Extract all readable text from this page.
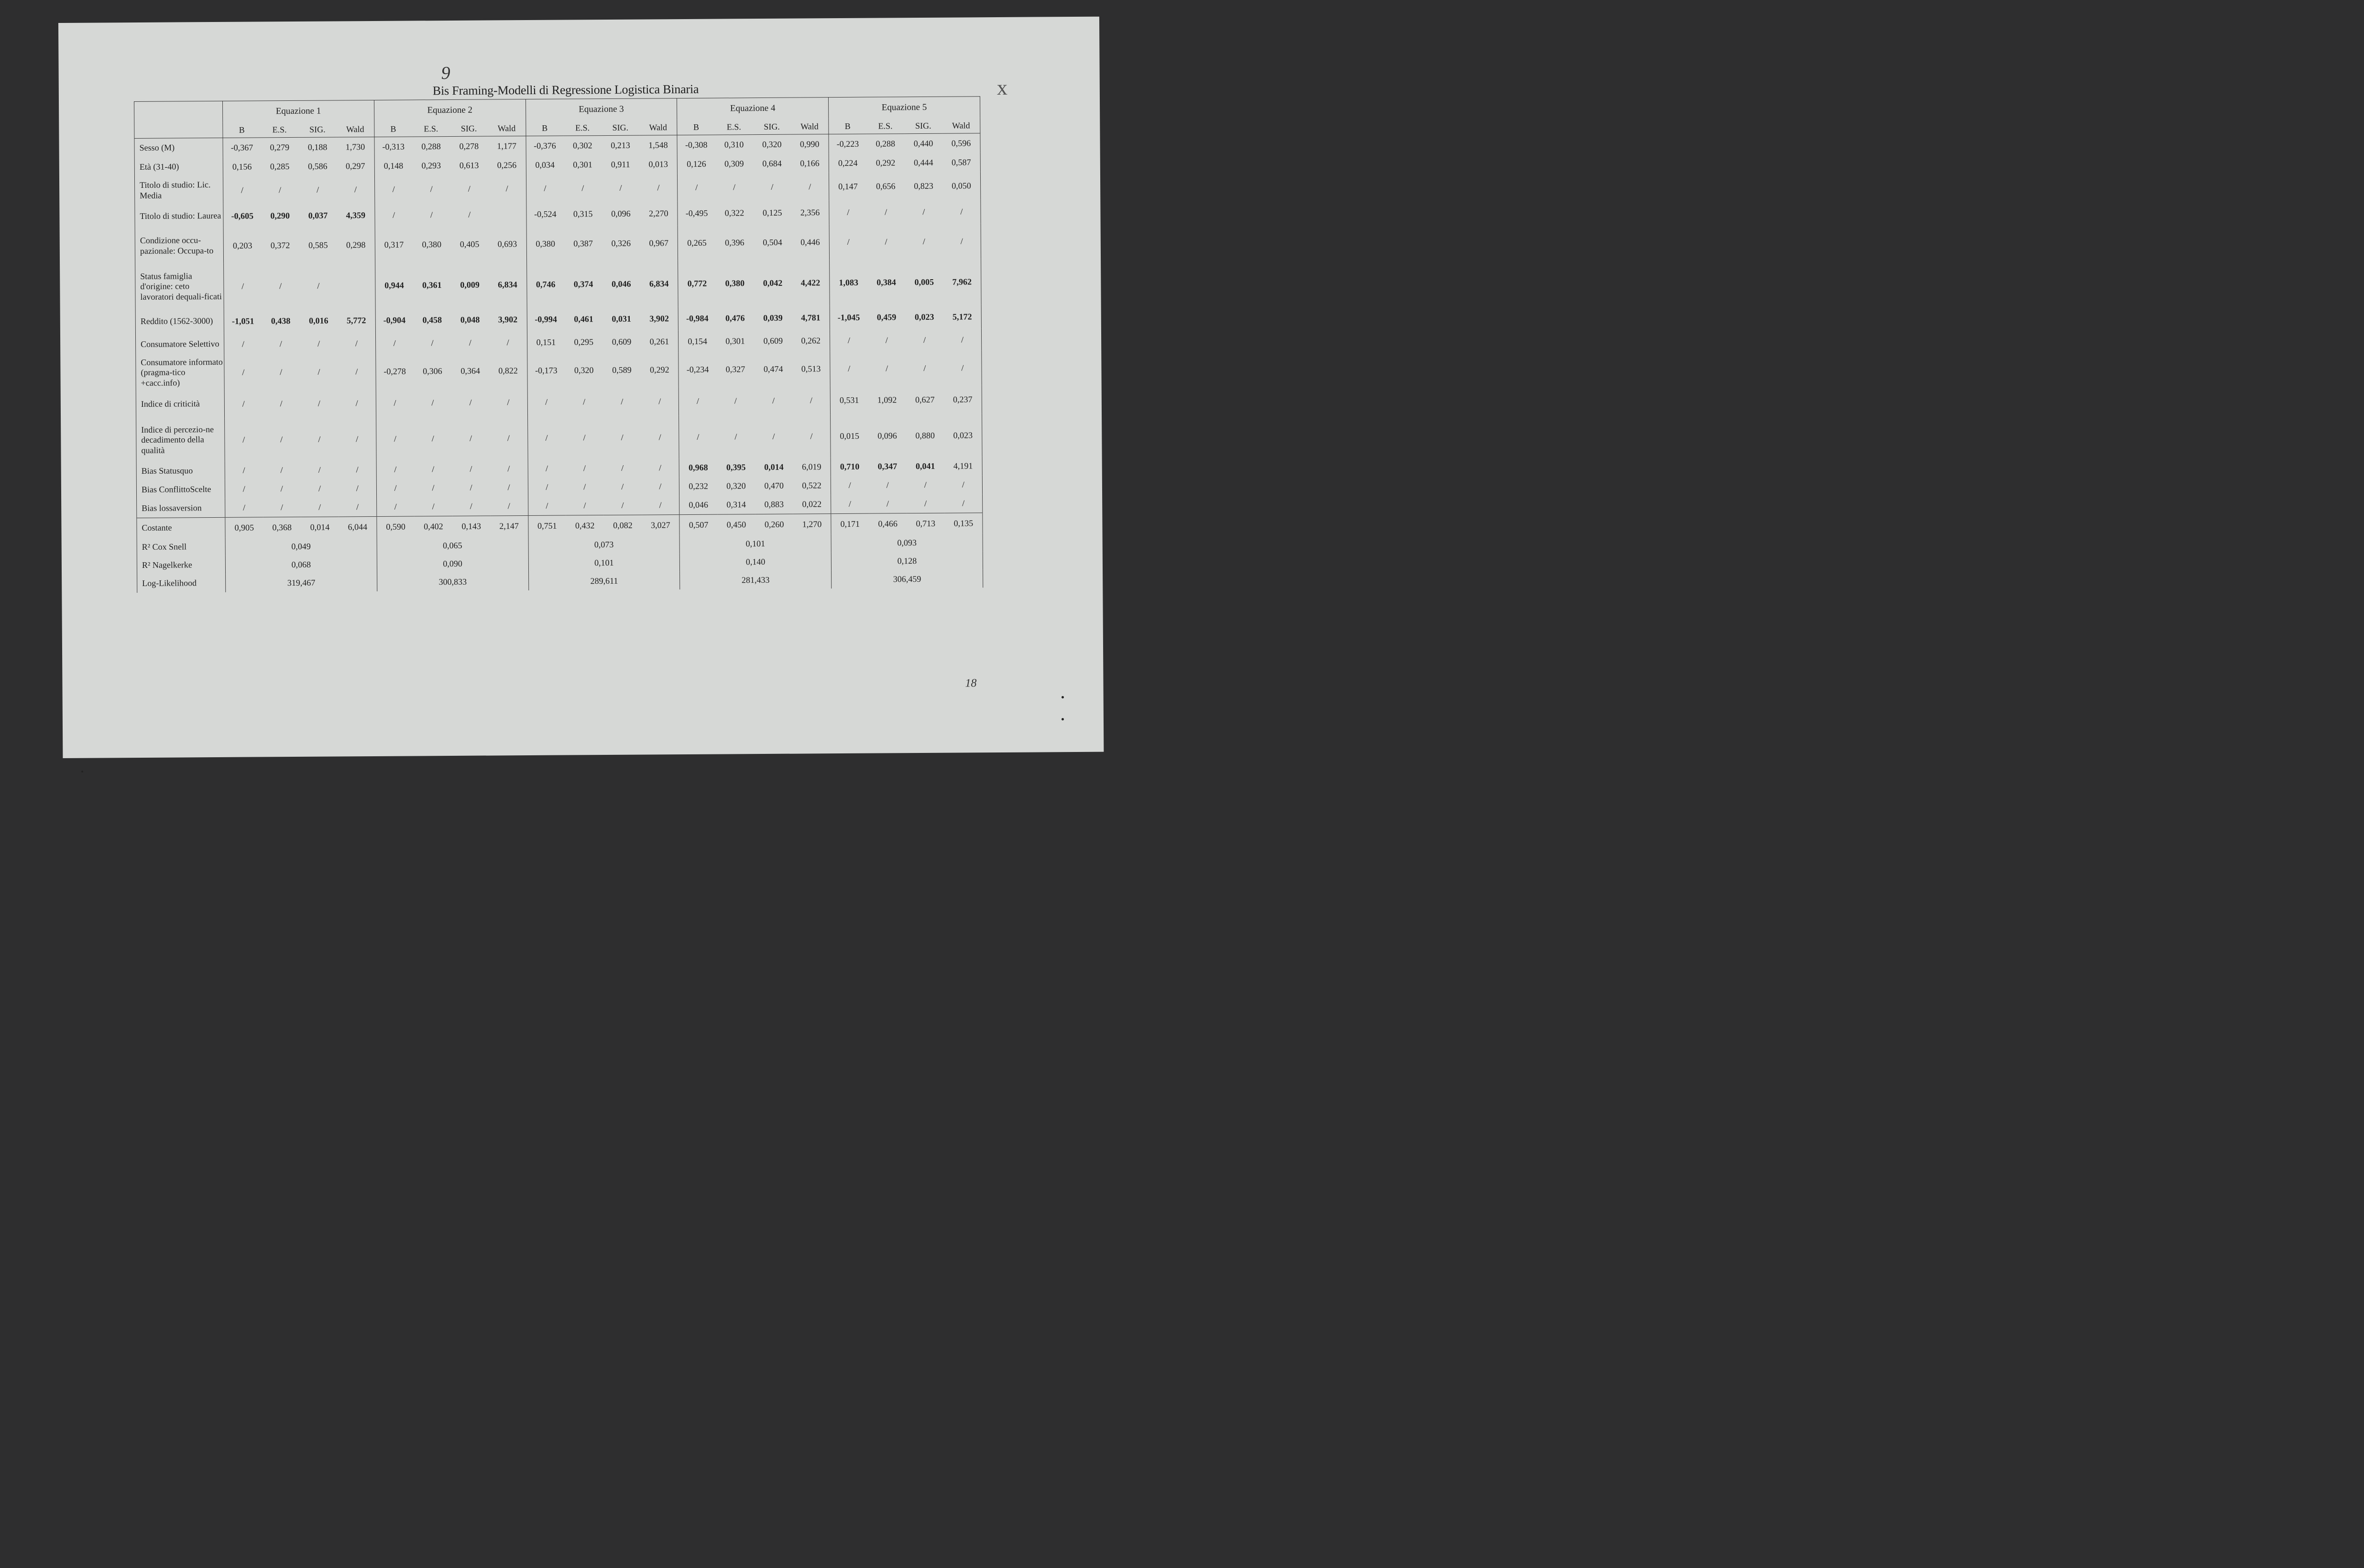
9
x
Bis Framing-Modelli di Regressione Logistica Binaria
	Equazione 1				Equazione 2				Equazione 3				Equazione 4				Equazione 5			
	B	E.S.	SIG.	Wald	B	E.S.	SIG.	Wald	B	E.S.	SIG.	Wald	B	E.S.	SIG.	Wald	B	E.S.	SIG.	Wald
Sesso (M)	-0,367	0,279	0,188	1,730	-0,313	0,288	0,278	1,177	-0,376	0,302	0,213	1,548	-0,308	0,310	0,320	0,990	-0,223	0,288	0,440	0,596
Età (31-40)	0,156	0,285	0,586	0,297	0,148	0,293	0,613	0,256	0,034	0,301	0,911	0,013	0,126	0,309	0,684	0,166	0,224	0,292	0,444	0,587
Titolo di studio: Lic. Media	/	/	/	/	/	/	/	/	/	/	/	/	/	/	/	/	0,147	0,656	0,823	0,050
Titolo di studio: Laurea	-0,605	0,290	0,037	4,359	/	/	/		-0,524	0,315	0,096	2,270	-0,495	0,322	0,125	2,356	/	/	/	/
Condizione occu-pazionale: Occupa-to	0,203	0,372	0,585	0,298	0,317	0,380	0,405	0,693	0,380	0,387	0,326	0,967	0,265	0,396	0,504	0,446	/	/	/	/
Status famiglia d'origine: ceto lavoratori dequali-ficati	/	/	/		0,944	0,361	0,009	6,834	0,746	0,374	0,046	6,834	0,772	0,380	0,042	4,422	1,083	0,384	0,005	7,962
Reddito (1562-3000)	-1,051	0,438	0,016	5,772	-0,904	0,458	0,048	3,902	-0,994	0,461	0,031	3,902	-0,984	0,476	0,039	4,781	-1,045	0,459	0,023	5,172
Consumatore Selettivo	/	/	/	/	/	/	/	/	0,151	0,295	0,609	0,261	0,154	0,301	0,609	0,262	/	/	/	/
Consumatore informato (pragma-tico +cacc.info)	/	/	/	/	-0,278	0,306	0,364	0,822	-0,173	0,320	0,589	0,292	-0,234	0,327	0,474	0,513	/	/	/	/
Indice di criticità	/	/	/	/	/	/	/	/	/	/	/	/	/	/	/	/	0,531	1,092	0,627	0,237
Indice di percezio-ne decadimento della qualità	/	/	/	/	/	/	/	/	/	/	/	/	/	/	/	/	0,015	0,096	0,880	0,023
Bias Statusquo	/	/	/	/	/	/	/	/	/	/	/	/	0,968	0,395	0,014	6,019	0,710	0,347	0,041	4,191
Bias ConflittoScelte	/	/	/	/	/	/	/	/	/	/	/	/	0,232	0,320	0,470	0,522	/	/	/	/
Bias lossaversion	/	/	/	/	/	/	/	/	/	/	/	/	0,046	0,314	0,883	0,022	/	/	/	/
Costante	0,905	0,368	0,014	6,044	0,590	0,402	0,143	2,147	0,751	0,432	0,082	3,027	0,507	0,450	0,260	1,270	0,171	0,466	0,713	0,135
R² Cox Snell	0,049				0,065				0,073				0,101				0,093			
R² Nagelkerke	0,068				0,090				0,101				0,140				0,128			
Log-Likelihood	319,467				300,833				289,611				281,433				306,459			
18
